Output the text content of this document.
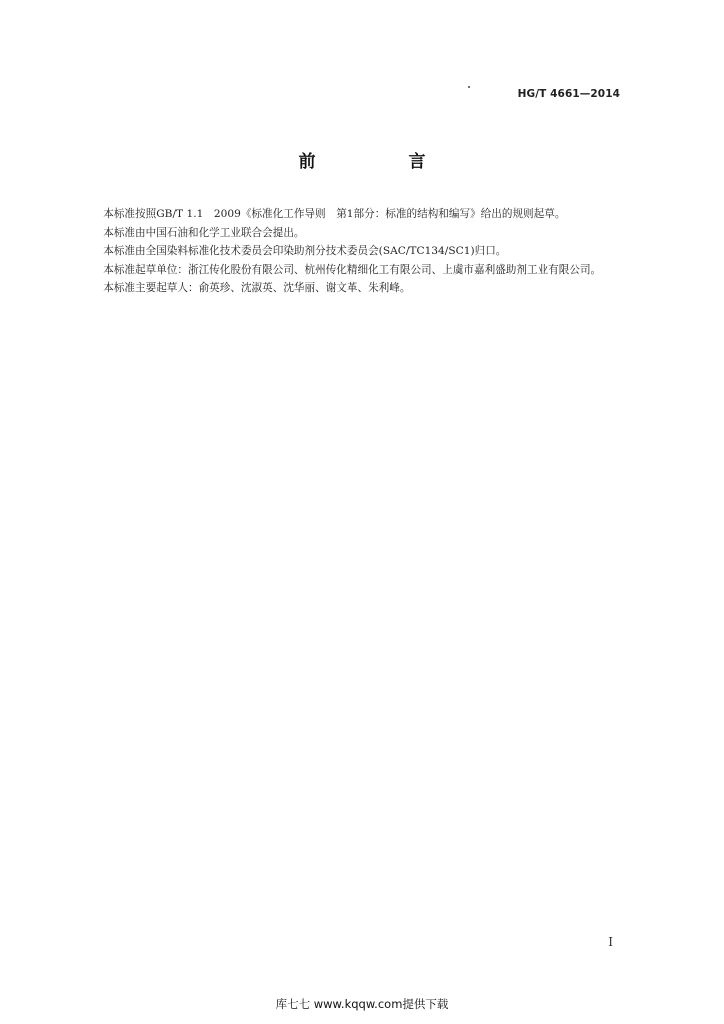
HG/T 4661—2014
前　言

本标准按照GB/T 1.1　2009《标准化工作导则　第1部分：标准的结构和编写》给出的规则起草。

本标准由中国石油和化学工业联合会提出。

本标准由全国染料标准化技术委员会印染助剂分技术委员会(SAC/TC134/SC1)归口。

本标准起草单位：浙江传化股份有限公司、杭州传化精细化工有限公司、上虞市嘉利盛助剂工业有限公司。

本标准主要起草人：俞英珍、沈淑英、沈华丽、谢文革、朱利峰。

I
库七七 www.kqqw.com提供下载
